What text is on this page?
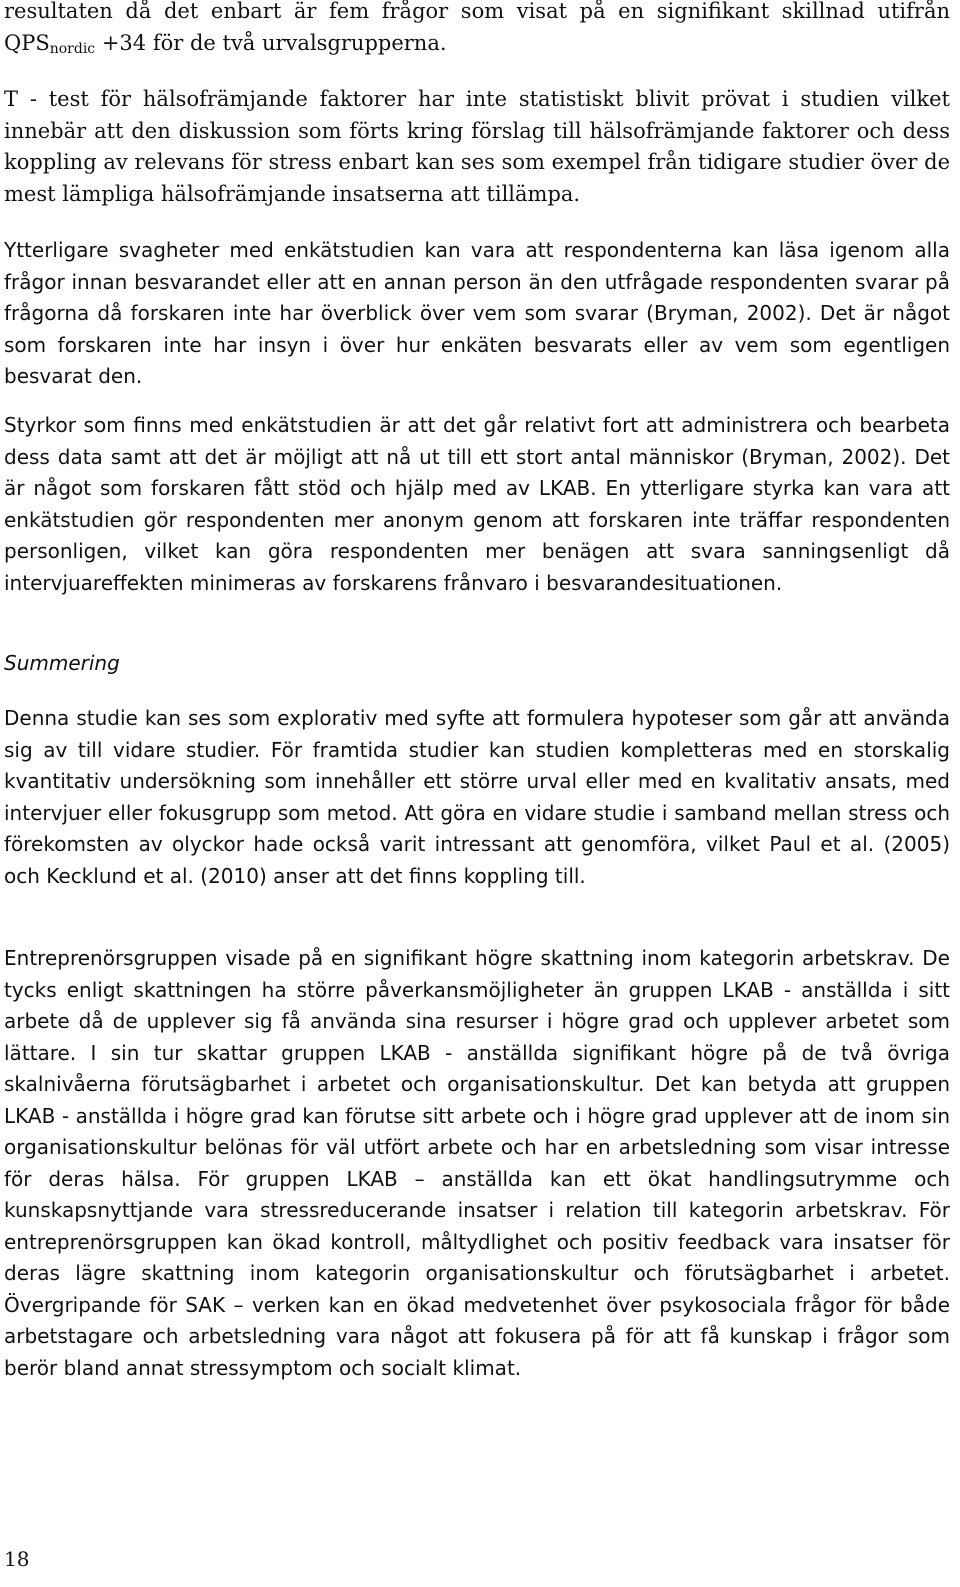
resultaten då det enbart är fem frågor som visat på en signifikant skillnad utifrån $QPS_{nordic} +34$ för de två urvalsgrupperna.

T - test för hälsofrämjande faktorer har inte statistiskt blivit prövat i studien vilket innebär att den diskussion som förts kring förslag till hälsofrämjande faktorer och dess koppling av relevans för stress enbart kan ses som exempel från tidigare studier över de mest lämpliga hälsofrämjande insatserna att tillämpa.

Ytterligare svagheter med enkätstudien kan vara att respondenterna kan läsa igenom alla frågor innan besvarandet eller att en annan person än den utfrågade respondenten svarar på frågorna då forskaren inte har överblick över vem som svarar (Bryman, 2002). Det är något som forskaren inte har insyn i över hur enkäten besvarats eller av vem som egentligen besvarat den.

Styrkor som finns med enkätstudien är att det går relativt fort att administrera och bearbeta dess data samt att det är möjligt att nå ut till ett stort antal människor (Bryman, 2002). Det är något som forskaren fått stöd och hjälp med av LKAB. En ytterligare styrka kan vara att enkätstudien gör respondenten mer anonym genom att forskaren inte träffar respondenten personligen, vilket kan göra respondenten mer benägen att svara sanningsenligt då intervjuareffekten minimeras av forskarens frånvaro i besvarandesituationen.

Summering

Denna studie kan ses som explorativ med syfte att formulera hypoteser som går att använda sig av till vidare studier. För framtida studier kan studien kompletteras med en storskalig kvantitativ undersökning som innehåller ett större urval eller med en kvalitativ ansats, med intervjuer eller fokusgrupp som metod. Att göra en vidare studie i samband mellan stress och förekomsten av olyckor hade också varit intressant att genomföra, vilket Paul et al. (2005) och Kecklund et al. (2010) anser att det finns koppling till.

Entreprenörsgruppen visade på en signifikant högre skattning inom kategorin arbetskrav. De tycks enligt skattningen ha större påverkansmöjligheter än gruppen LKAB - anställda i sitt arbete då de upplever sig få använda sina resurser i högre grad och upplever arbetet som lättare. I sin tur skattar gruppen LKAB - anställda signifikant högre på de två övriga skalnivåerna förutsägbarhet i arbetet och organisationskultur. Det kan betyda att gruppen LKAB - anställda i högre grad kan förutse sitt arbete och i högre grad upplever att de inom sin organisationskultur belönas för väl utfört arbete och har en arbetsledning som visar intresse för deras hälsa. För gruppen LKAB – anställda kan ett ökat handlingsutrymme och kunskapsnyttjande vara stressreducerande insatser i relation till kategorin arbetskrav. För entreprenörsgruppen kan ökad kontroll, måltydlighet och positiv feedback vara insatser för deras lägre skattning inom kategorin organisationskultur och förutsägbarhet i arbetet. Övergripande för SAK – verken kan en ökad medvetenhet över psykosociala frågor för både arbetstagare och arbetsledning vara något att fokusera på för att få kunskap i frågor som berör bland annat stressymptom och socialt klimat.

18
